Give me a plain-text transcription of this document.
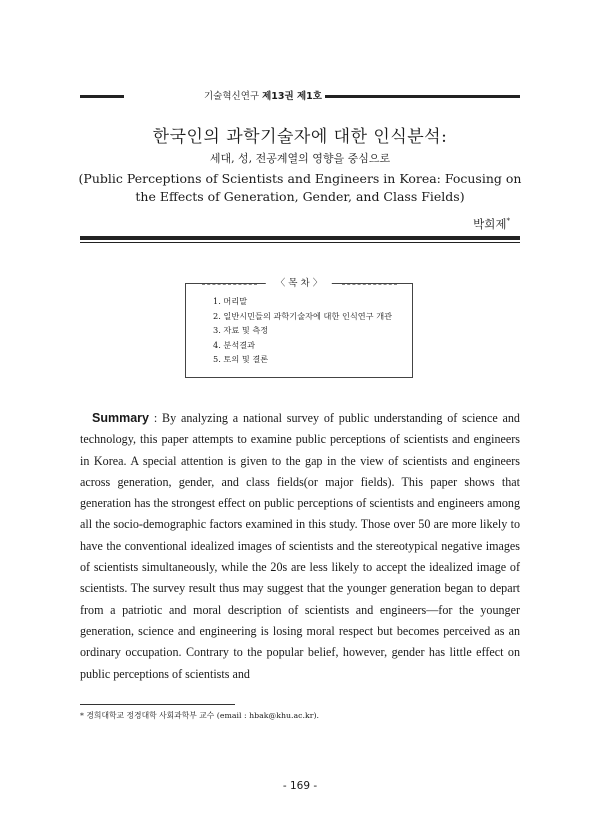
기술혁신연구 제13권 제1호
한국인의 과학기술자에 대한 인식분석:
세대, 성, 전공계열의 영향을 중심으로
(Public Perceptions of Scientists and Engineers in Korea: Focusing on the Effects of Generation, Gender, and Class Fields)
박희제*
〈 목 차 〉
1. 머리말
2. 일반시민들의 과학기술자에 대한 인식연구 개관
3. 자료 및 측정
4. 분석결과
5. 토의 및 결론

Summary : By analyzing a national survey of public understanding of science and technology, this paper attempts to examine public perceptions of scientists and engineers in Korea. A special attention is given to the gap in the view of scientists and engineers across generation, gender, and class fields(or major fields). This paper shows that generation has the strongest effect on public perceptions of scientists and engineers among all the socio-demographic factors examined in this study. Those over 50 are more likely to have the conventional idealized images of scientists and the stereotypical negative images of scientists simultaneously, while the 20s are less likely to accept the idealized image of scientists. The survey result thus may suggest that the younger generation began to depart from a patriotic and moral description of scientists and engineers—for the younger generation, science and engineering is losing moral respect but becomes perceived as an ordinary occupation. Contrary to the popular belief, however, gender has little effect on public perceptions of scientists and

* 경희대학교 정경대학 사회과학부 교수 (email : hbak@khu.ac.kr).
- 169 -
